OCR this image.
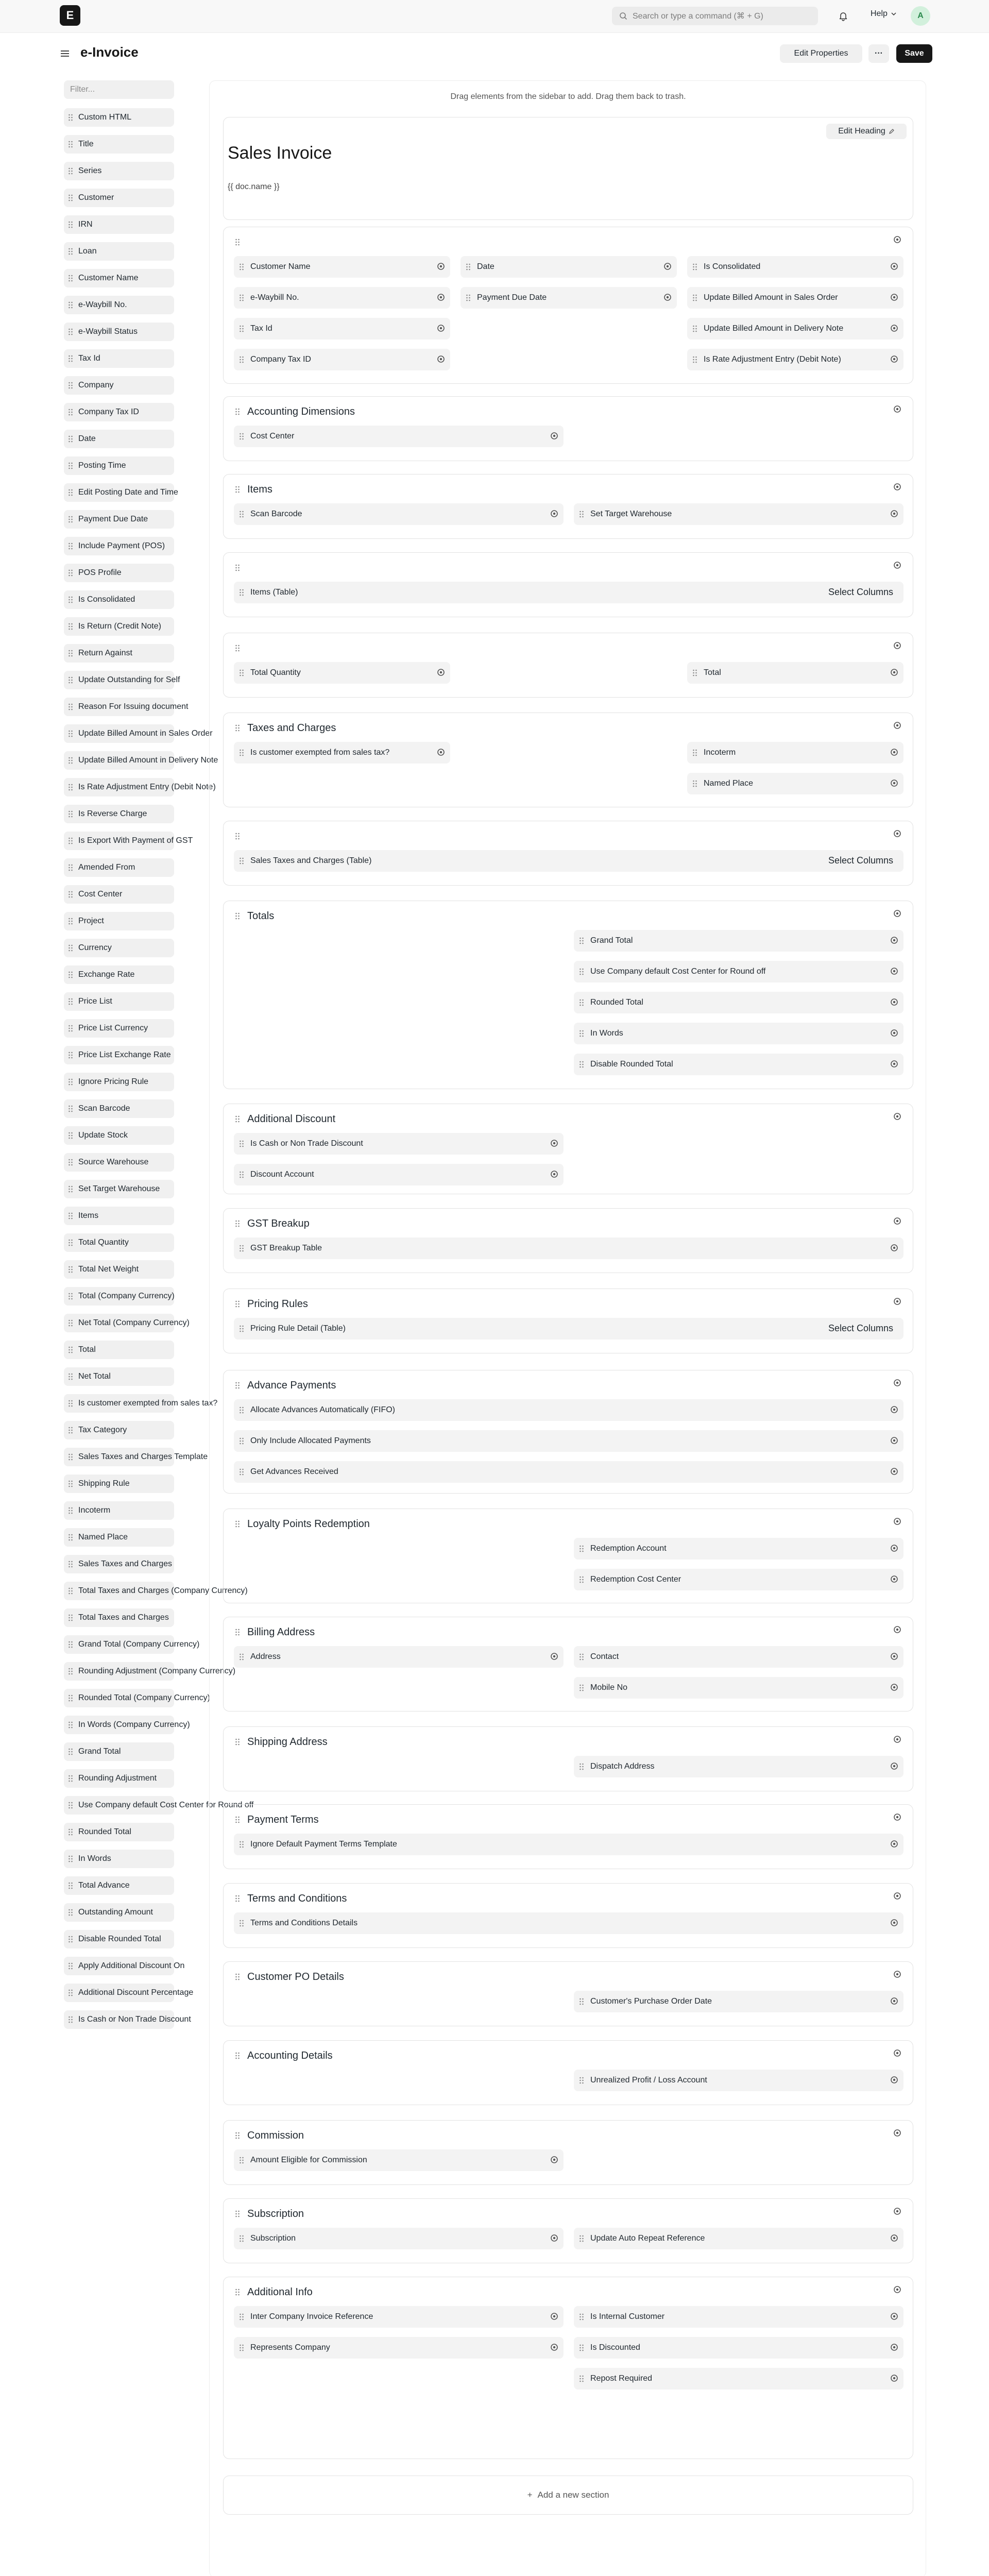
E	Search or type a command (⌘ + G)	Help	A
e-Invoice	Edit Properties	···	Save
Filter...
Custom HTML
Title
Series
Customer
IRN
Loan
Customer Name
e-Waybill No.
e-Waybill Status
Tax Id
Company
Company Tax ID
Date
Posting Time
Edit Posting Date and Time
Payment Due Date
Include Payment (POS)
POS Profile
Is Consolidated
Is Return (Credit Note)
Return Against
Update Outstanding for Self
Reason For Issuing document
Update Billed Amount in Sales Order
Update Billed Amount in Delivery Note
Is Rate Adjustment Entry (Debit Note)
Is Reverse Charge
Is Export With Payment of GST
Amended From
Cost Center
Project
Currency
Exchange Rate
Price List
Price List Currency
Price List Exchange Rate
Ignore Pricing Rule
Scan Barcode
Update Stock
Source Warehouse
Set Target Warehouse
Items
Total Quantity
Total Net Weight
Total (Company Currency)
Net Total (Company Currency)
Total
Net Total
Is customer exempted from sales tax?
Tax Category
Sales Taxes and Charges Template
Shipping Rule
Incoterm
Named Place
Sales Taxes and Charges
Total Taxes and Charges (Company Currency)
Total Taxes and Charges
Grand Total (Company Currency)
Rounding Adjustment (Company Currency)
Rounded Total (Company Currency)
In Words (Company Currency)
Grand Total
Rounding Adjustment
Use Company default Cost Center for Round off
Rounded Total
In Words
Total Advance
Outstanding Amount
Disable Rounded Total
Apply Additional Discount On
Additional Discount Percentage
Is Cash or Non Trade Discount
Drag elements from the sidebar to add. Drag them back to trash.
Edit Heading
Sales Invoice
{{ doc.name }}
+ Add a new section
Customer Name
e-Waybill No.
Tax Id
Company Tax ID
Date
Payment Due Date
Is Consolidated
Update Billed Amount in Sales Order
Update Billed Amount in Delivery Note
Is Rate Adjustment Entry (Debit Note)
Accounting Dimensions
Cost Center
Items
Scan Barcode	Set Target Warehouse
Items (Table)	Select Columns
Total Quantity	Total
Taxes and Charges
Is customer exempted from sales tax?	Incoterm
Named Place
Sales Taxes and Charges (Table)	Select Columns
Totals
Grand Total
Use Company default Cost Center for Round off
Rounded Total
In Words
Disable Rounded Total
Additional Discount
Is Cash or Non Trade Discount
Discount Account
GST Breakup
GST Breakup Table
Pricing Rules
Pricing Rule Detail (Table)	Select Columns
Advance Payments
Allocate Advances Automatically (FIFO)
Only Include Allocated Payments
Get Advances Received
Loyalty Points Redemption
Redemption Account
Redemption Cost Center
Billing Address
Address	Contact
Mobile No
Shipping Address
Dispatch Address
Payment Terms
Ignore Default Payment Terms Template
Terms and Conditions
Terms and Conditions Details
Customer PO Details
Customer's Purchase Order Date
Accounting Details
Unrealized Profit / Loss Account
Commission
Amount Eligible for Commission
Subscription
Subscription	Update Auto Repeat Reference
Additional Info
Inter Company Invoice Reference
Represents Company
Is Internal Customer
Is Discounted
Repost Required
